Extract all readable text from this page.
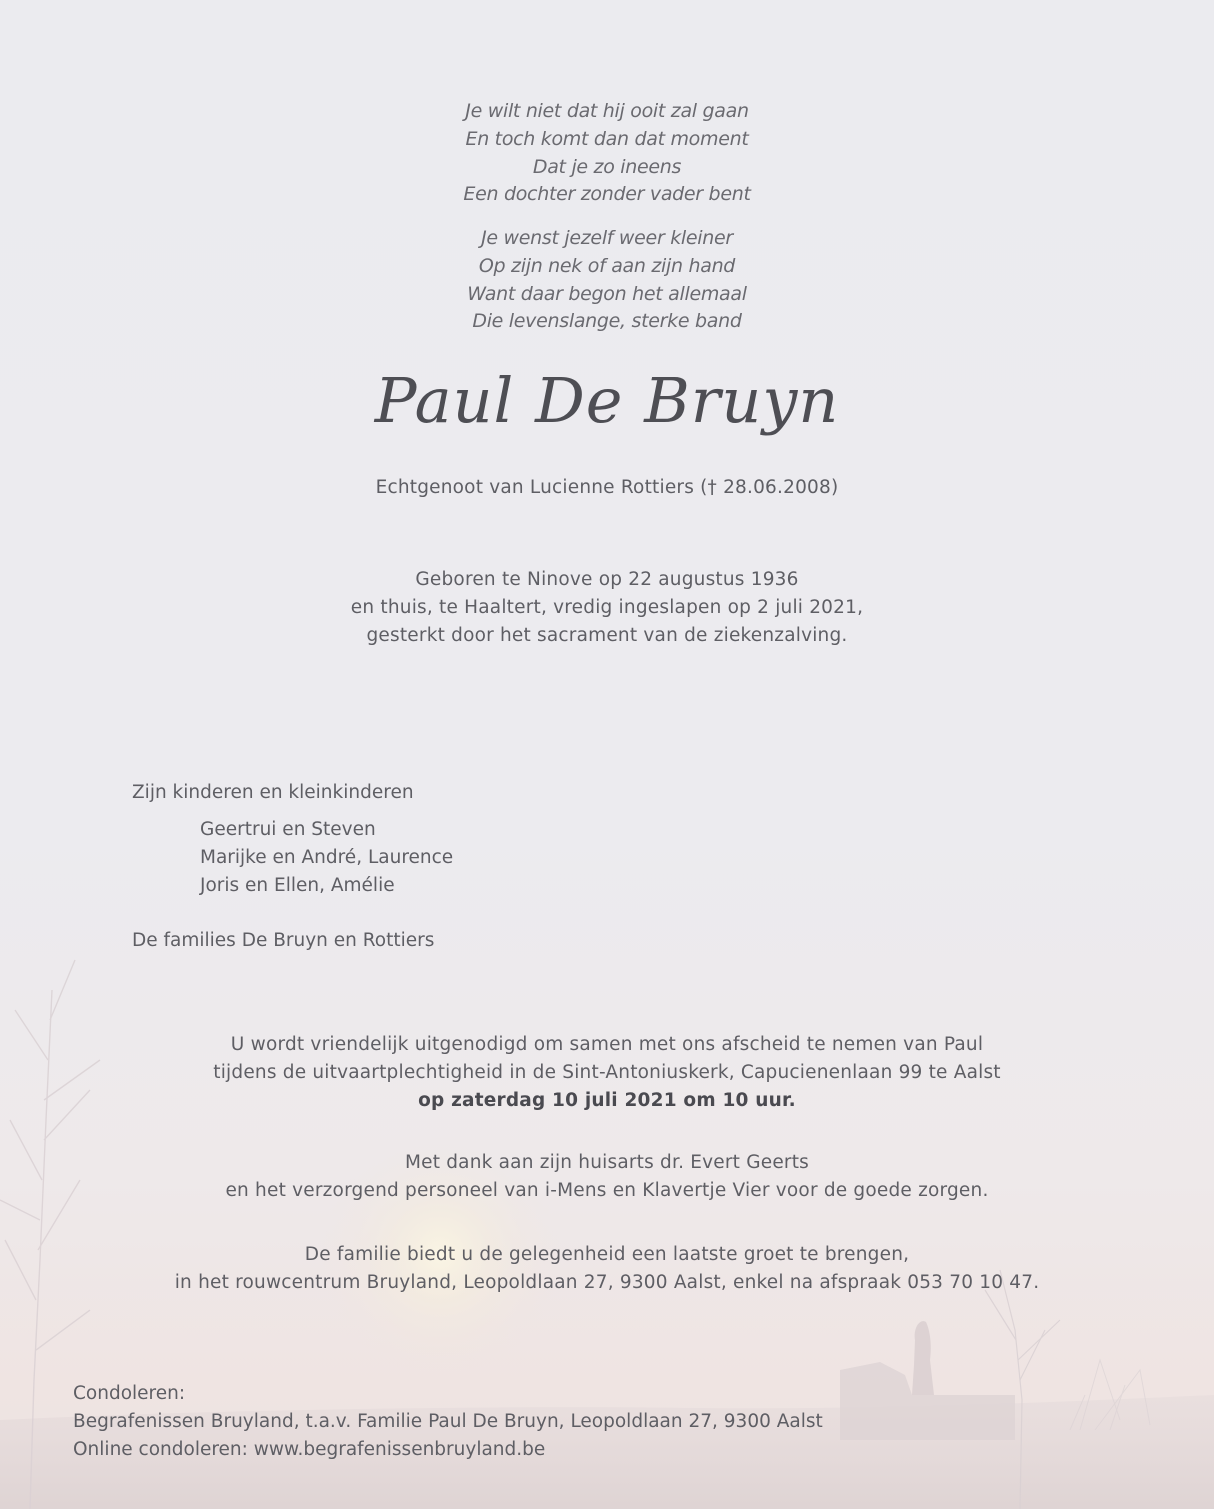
Je wilt niet dat hij ooit zal gaan
En toch komt dan dat moment
Dat je zo ineens
Een dochter zonder vader bent
Je wenst jezelf weer kleiner
Op zijn nek of aan zijn hand
Want daar begon het allemaal
Die levenslange, sterke band
Paul De Bruyn
Echtgenoot van Lucienne Rottiers († 28.06.2008)
Geboren te Ninove op 22 augustus 1936
en thuis, te Haaltert, vredig ingeslapen op 2 juli 2021,
gesterkt door het sacrament van de ziekenzalving.
Zijn kinderen en kleinkinderen
Geertrui en Steven
Marijke en André, Laurence
Joris en Ellen, Amélie
De families De Bruyn en Rottiers
U wordt vriendelijk uitgenodigd om samen met ons afscheid te nemen van Paul
tijdens de uitvaartplechtigheid in de Sint-Antoniuskerk, Capucienenlaan 99 te Aalst
op zaterdag 10 juli 2021 om 10 uur.
Met dank aan zijn huisarts dr. Evert Geerts
en het verzorgend personeel van i-Mens en Klavertje Vier voor de goede zorgen.
De familie biedt u de gelegenheid een laatste groet te brengen,
in het rouwcentrum Bruyland, Leopoldlaan 27, 9300 Aalst, enkel na afspraak 053 70 10 47.
Condoleren:
Begrafenissen Bruyland, t.a.v. Familie Paul De Bruyn, Leopoldlaan 27, 9300 Aalst
Online condoleren: www.begrafenissenbruyland.be
